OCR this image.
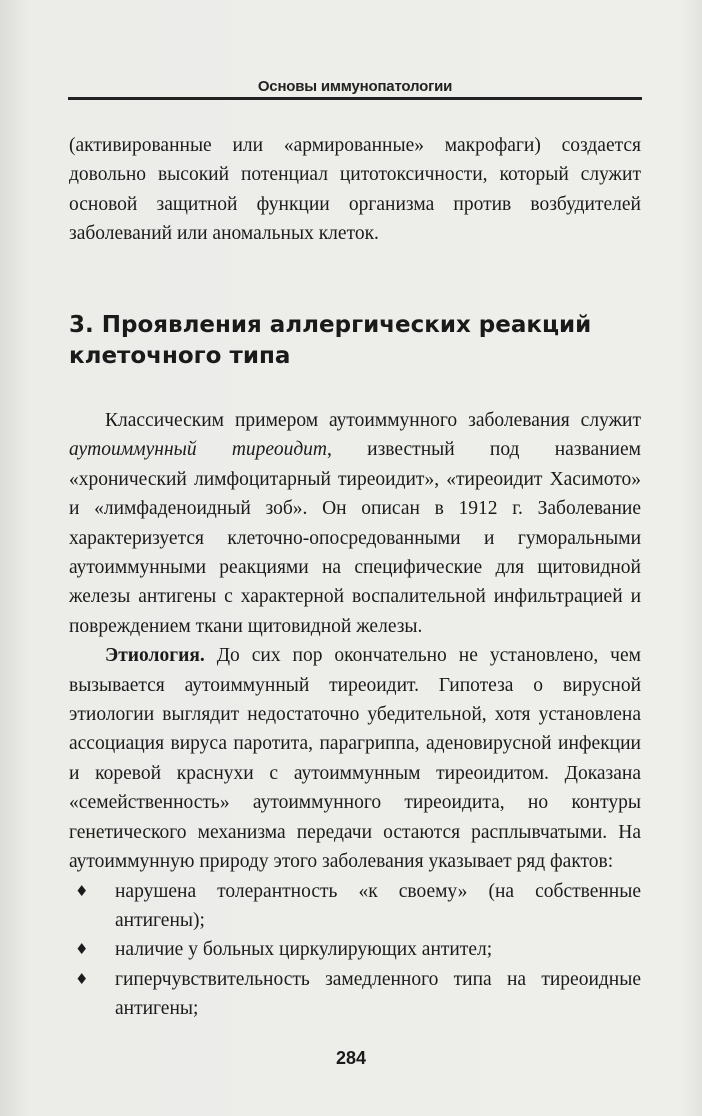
Основы иммунопатологии

(активированные или «армированные» макрофаги) создается довольно высокий потенциал цитотоксичности, который служит основой защитной функции организма против возбудителей заболеваний или аномальных клеток.

3. Проявления аллергических реакций клеточного типа

Классическим примером аутоиммунного заболевания служит аутоиммунный тиреоидит, известный под названием «хронический лимфоцитарный тиреоидит», «тиреоидит Хасимото» и «лимфаденоидный зоб». Он описан в 1912 г. Заболевание характеризуется клеточно-опосредованными и гуморальными аутоиммунными реакциями на специфические для щитовидной железы антигены с характерной воспалительной инфильтрацией и повреждением ткани щитовидной железы.

Этиология. До сих пор окончательно не установлено, чем вызывается аутоиммунный тиреоидит. Гипотеза о вирусной этиологии выглядит недостаточно убедительной, хотя установлена ассоциация вируса паротита, парагриппа, аденовирусной инфекции и коревой краснухи с аутоиммунным тиреоидитом. Доказана «семейственность» аутоиммунного тиреоидита, но контуры генетического механизма передачи остаются расплывчатыми. На аутоиммунную природу этого заболевания указывает ряд фактов:

♦ нарушена толерантность «к своему» (на собственные антигены);
♦ наличие у больных циркулирующих антител;
♦ гиперчувствительность замедленного типа на тиреоидные антигены;
284
